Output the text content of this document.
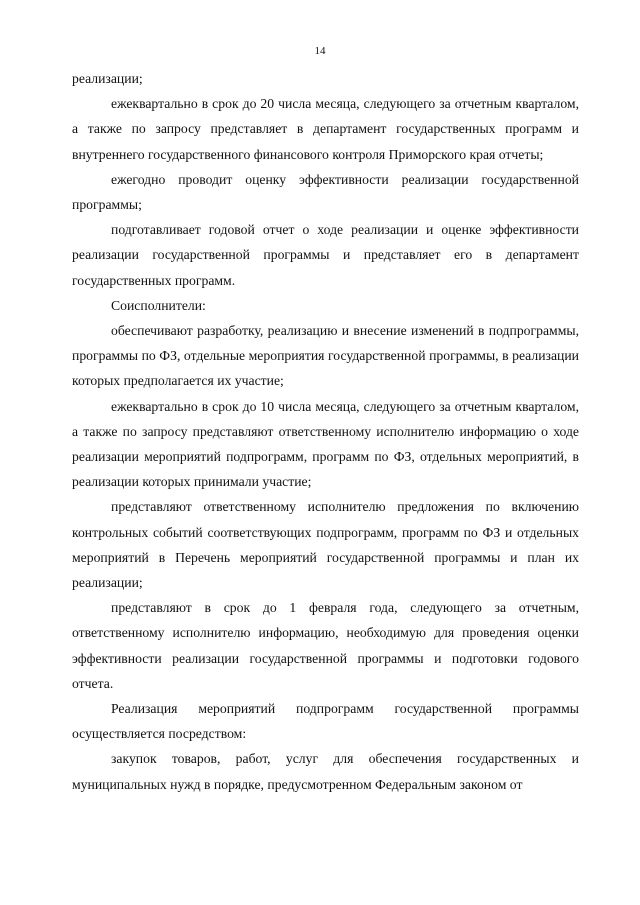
14

реализации;

ежеквартально в срок до 20 числа месяца, следующего за отчетным кварталом, а также по запросу представляет в департамент государственных программ и внутреннего государственного финансового контроля Приморского края отчеты;

ежегодно проводит оценку эффективности реализации государственной программы;

подготавливает годовой отчет о ходе реализации и оценке эффективности реализации государственной программы и представляет его в департамент государственных программ.

Соисполнители:

обеспечивают разработку, реализацию и внесение изменений в подпрограммы, программы по ФЗ, отдельные мероприятия государственной программы, в реализации которых предполагается их участие;

ежеквартально в срок до 10 числа месяца, следующего за отчетным кварталом, а также по запросу представляют ответственному исполнителю информацию о ходе реализации мероприятий подпрограмм, программ по ФЗ, отдельных мероприятий, в реализации которых принимали участие;

представляют ответственному исполнителю предложения по включению контрольных событий соответствующих подпрограмм, программ по ФЗ и отдельных мероприятий в Перечень мероприятий государственной программы и план их реализации;

представляют в срок до 1 февраля года, следующего за отчетным, ответственному исполнителю информацию, необходимую для проведения оценки эффективности реализации государственной программы и подготовки годового отчета.

Реализация мероприятий подпрограмм государственной программы осуществляется посредством:

закупок товаров, работ, услуг для обеспечения государственных и муниципальных нужд в порядке, предусмотренном Федеральным законом от
